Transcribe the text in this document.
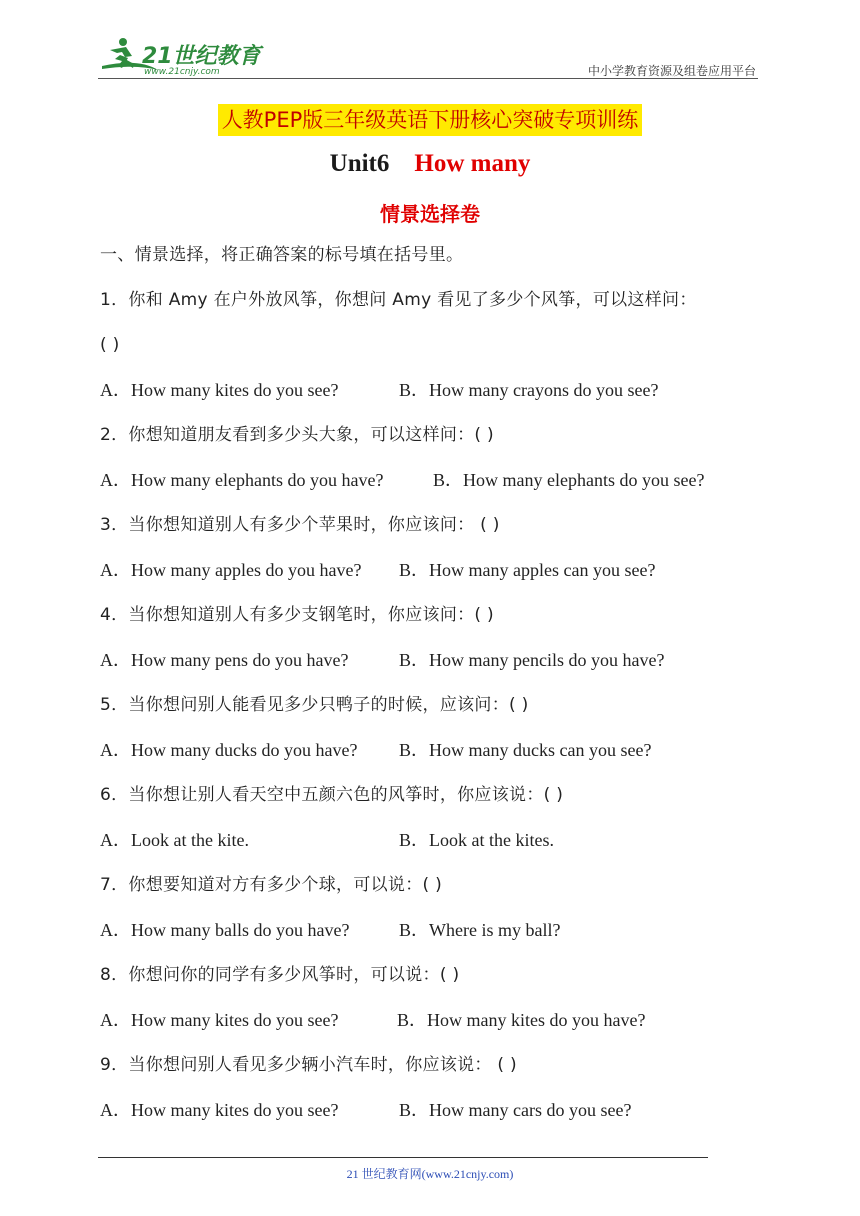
21世纪教育
www.21cnjy.com	中小学教育资源及组卷应用平台
人教PEP版三年级英语下册核心突破专项训练
Unit6 How many
情景选择卷
一、情景选择，将正确答案的标号填在括号里。
1．你和 Amy 在户外放风筝，你想问 Amy 看见了多少个风筝，可以这样问：
( )
A．How many kites do you see?	B．How many crayons do you see?
2．你想知道朋友看到多少头大象，可以这样问：( )
A．How many elephants do you have?	B．How many elephants do you see?
3．当你想知道别人有多少个苹果时，你应该问： ( )
A．How many apples do you have?	B．How many apples can you see?
4．当你想知道别人有多少支钢笔时，你应该问：( )
A．How many pens do you have?	B．How many pencils do you have?
5．当你想问别人能看见多少只鸭子的时候，应该问：( )
A．How many ducks do you have?	B．How many ducks can you see?
6．当你想让别人看天空中五颜六色的风筝时，你应该说：( )
A．Look at the kite.	B．Look at the kites.
7．你想要知道对方有多少个球，可以说：( )
A．How many balls do you have?	B．Where is my ball?
8．你想问你的同学有多少风筝时，可以说：( )
A．How many kites do you see?	B．How many kites do you have?
9．当你想问别人看见多少辆小汽车时，你应该说： ( )
A．How many kites do you see?	B．How many cars do you see?
21 世纪教育网(www.21cnjy.com)
